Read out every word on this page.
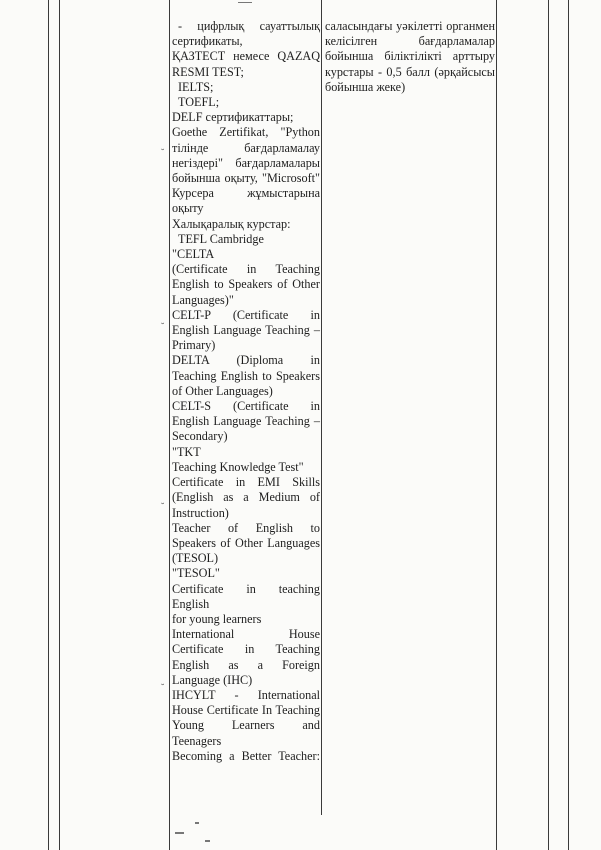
˘
˘
˘
˘
- цифрлық сауаттылық
сертификаты,
ҚАЗТЕСТ немесе QAZAQ
RESMI TEST;
IELTS;
TOEFL;
DELF сертификаттары;
Goethe Zertifikat, "Python
тілінде бағдарламалау
негіздері" бағдарламалары
бойынша оқыту, "Microsoft"
Курсера жұмыстарына
оқыту
Халықаралық курстар:
TEFL Cambridge
"CELTA
(Certificate in Teaching
English to Speakers of Other
Languages)"
CELT-P (Certificate in
English Language Teaching –
Primary)
DELTA (Diploma in
Teaching English to Speakers
of Other Languages)
CELT-S (Certificate in
English Language Teaching –
Secondary)
"TKT
Teaching Knowledge Test"
Certificate in EMI Skills
(English as a Medium of
Instruction)
Teacher of English to
Speakers of Other Languages
(TESOL)
"TESOL"
Certificate in teaching English
for young learners
International House
Certificate in Teaching
English as a Foreign
Language (IHC)
IHCYLT - International
House Certificate In Teaching
Young Learners and
Teenagers
Becoming a Better Teacher:
саласындағы уәкілетті органмен
келісілген бағдарламалар
бойынша біліктілікті арттыру
курстары - 0,5 балл (әрқайсысы
бойынша жеке)
